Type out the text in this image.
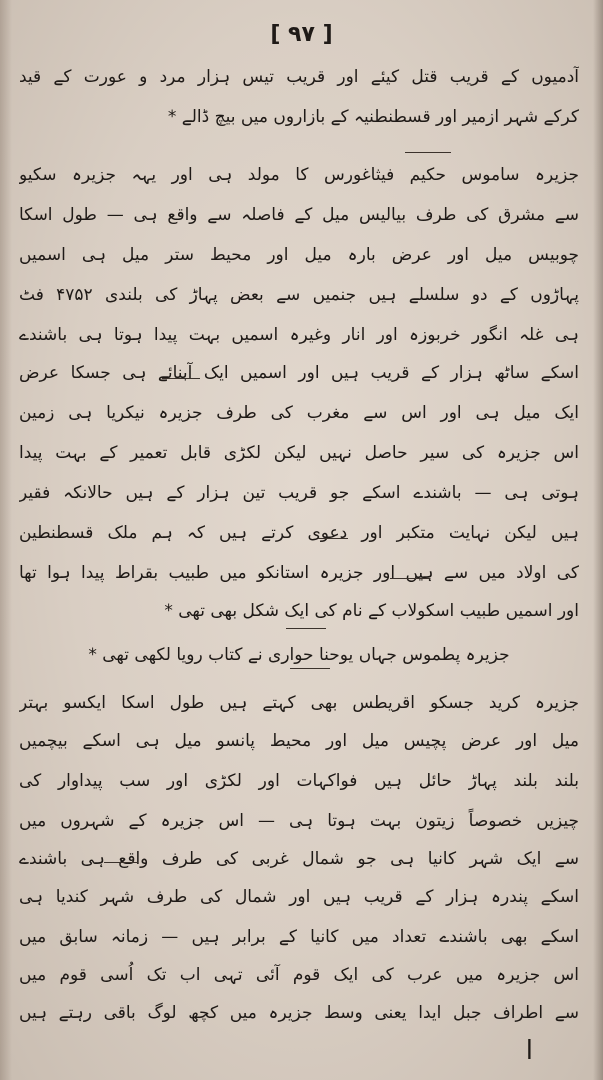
[ ۹۷ ]
آدمیوں کے قریب قتل کیئے اور قریب تیس ہزار مرد و عورت کے قید
کرکے شہر ازمیر اور قسطنطنیہ کے بازاروں میں بیچ ڈالے *
جزیرہ ساموس حکیم فیثاغورس کا مولد ہی اور یہہ جزیرہ سکیو
سے مشرق کی طرف بیالیس میل کے فاصلہ سے واقع ہی — طول اسکا
چوبیس میل اور عرض بارہ میل اور محیط ستر میل ہی اسمیں
پہاڑوں کے دو سلسلے ہیں جنمیں سے بعض پہاڑ کی بلندی ۴۷۵۲ فٹ
ہی غلہ انگور خربوزہ اور انار وغیرہ اسمیں بہت پیدا ہوتا ہی باشندے
اسکے ساٹھ ہزار کے قریب ہیں اور اسمیں ایک آبنائے ہی جسکا عرض
ایک میل ہی اور اس سے مغرب کی طرف جزیرہ نیکریا ہی زمین
اس جزیرہ کی سیر حاصل نہیں لیکن لکڑی قابل تعمیر کے بہت پیدا
ہوتی ہی — باشندے اسکے جو قریب تین ہزار کے ہیں حالانکہ فقیر
ہیں لیکن نہایت متکبر اور دعوی کرتے ہیں کہ ہم ملک قسطنطین
کی اولاد میں سے ہیں اور جزیرہ استانکو میں طبیب بقراط پیدا ہوا تھا
اور اسمیں طبیب اسکولاب کے نام کی ایک شکل بھی تھی *
جزیرہ پطموس جہاں یوحنا حواری نے کتاب رویا لکھی تھی *
جزیرہ کرید جسکو اقریطس بھی کہتے ہیں طول اسکا ایکسو بہتر
میل اور عرض پچیس میل اور محیط پانسو میل ہی اسکے بیچمیں
بلند بلند پہاڑ حائل ہیں فواکہات اور لکڑی اور سب پیداوار کی
چیزیں خصوصاً زیتون بہت ہوتا ہی — اس جزیرہ کے شہروں میں
سے ایک شہر کانیا ہی جو شمال غربی کی طرف واقع ہی باشندے
اسکے پندرہ ہزار کے قریب ہیں اور شمال کی طرف شہر کندیا ہی
اسکے بھی باشندے تعداد میں کانیا کے برابر ہیں — زمانہ سابق میں
اس جزیرہ میں عرب کی ایک قوم آئی تہی اب تک اُسی قوم میں
سے اطراف جبل ایدا یعنی وسط جزیرہ میں کچھ لوگ باقی رہتے ہیں
ا
